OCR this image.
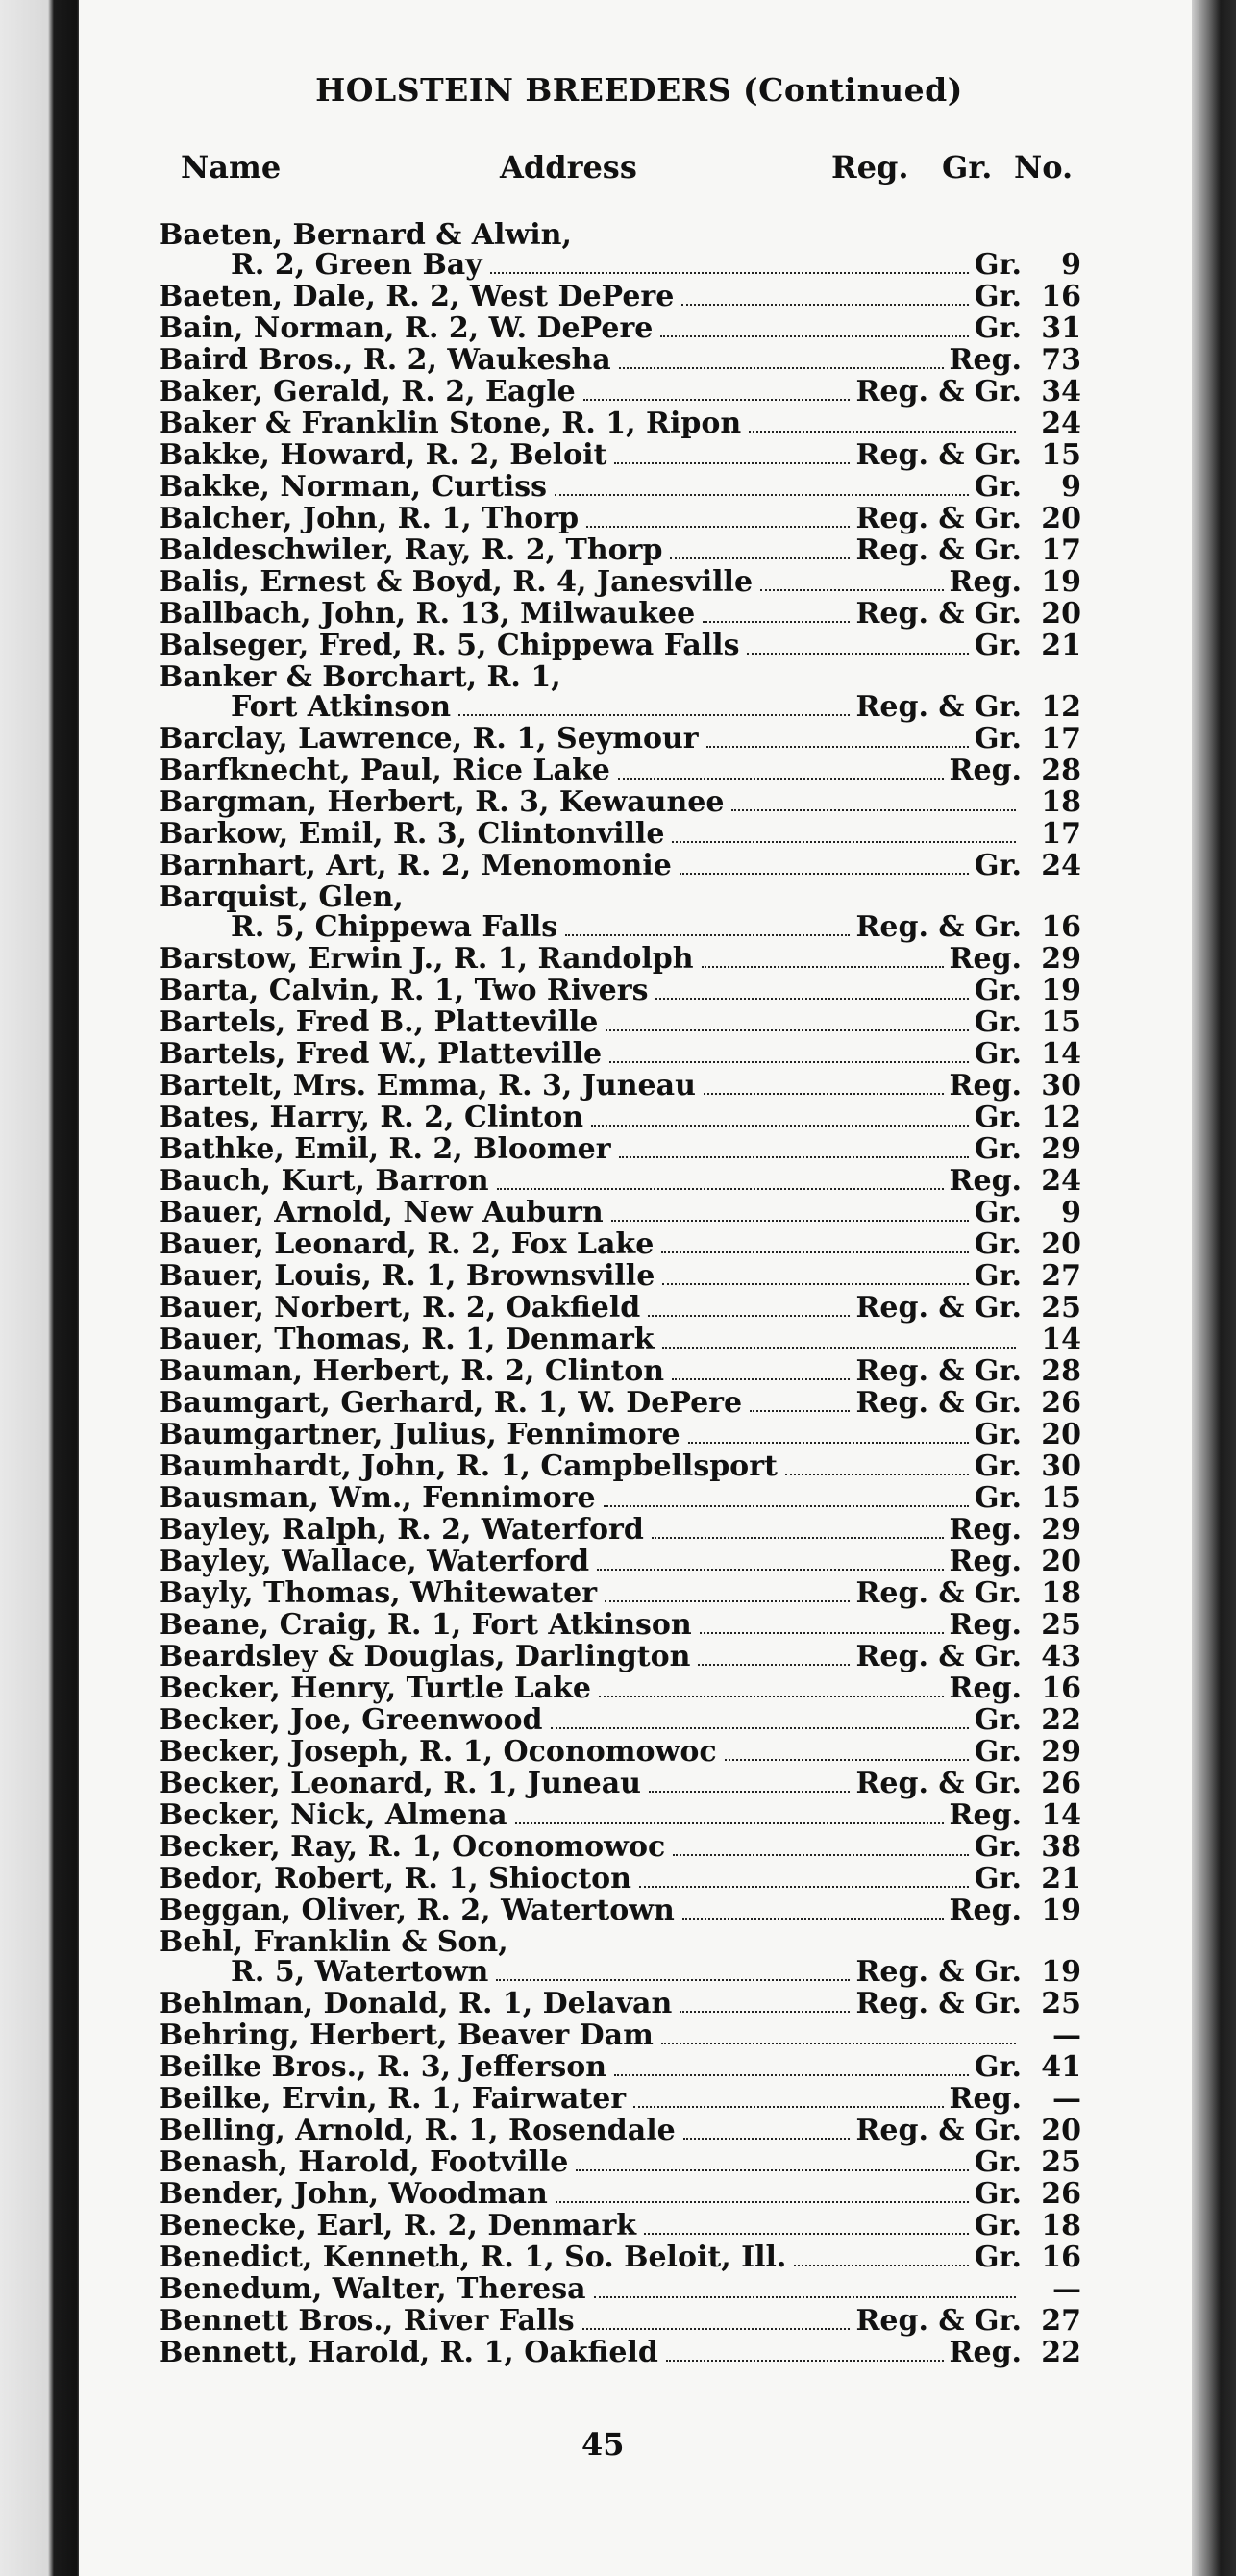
HOLSTEIN BREEDERS (Continued)
Name	Address	Reg. Gr. No.
Baeten, Bernard & Alwin,
R. 2, Green Bay	Gr.	9
Baeten, Dale, R. 2, West DePere	Gr. 16
Bain, Norman, R. 2, W. DePere	Gr. 31
Baird Bros., R. 2, Waukesha	Reg. 73
Baker, Gerald, R. 2, Eagle	Reg. & Gr. 34
Baker & Franklin Stone, R. 1, Ripon	24
Bakke, Howard, R. 2, Beloit	Reg. & Gr. 15
Bakke, Norman, Curtiss	Gr.	9
Balcher, John, R. 1, Thorp	Reg. & Gr. 20
Baldeschwiler, Ray, R. 2, Thorp	Reg. & Gr. 17
Balis, Ernest & Boyd, R. 4, Janesville	Reg. 19
Ballbach, John, R. 13, Milwaukee	Reg. & Gr. 20
Balseger, Fred, R. 5, Chippewa Falls	Gr. 21
Banker & Borchart, R. 1,
Fort Atkinson	Reg. & Gr. 12
Barclay, Lawrence, R. 1, Seymour	Gr. 17
Barfknecht, Paul, Rice Lake	Reg. 28
Bargman, Herbert, R. 3, Kewaunee	18
Barkow, Emil, R. 3, Clintonville	17
Barnhart, Art, R. 2, Menomonie	Gr. 24
Barquist, Glen,
R. 5, Chippewa Falls	Reg. & Gr. 16
Barstow, Erwin J., R. 1, Randolph	Reg. 29
Barta, Calvin, R. 1, Two Rivers	Gr. 19
Bartels, Fred B., Platteville	Gr. 15
Bartels, Fred W., Platteville	Gr. 14
Bartelt, Mrs. Emma, R. 3, Juneau	Reg. 30
Bates, Harry, R. 2, Clinton	Gr. 12
Bathke, Emil, R. 2, Bloomer	Gr. 29
Bauch, Kurt, Barron	Reg. 24
Bauer, Arnold, New Auburn	Gr.	9
Bauer, Leonard, R. 2, Fox Lake	Gr. 20
Bauer, Louis, R. 1, Brownsville	Gr. 27
Bauer, Norbert, R. 2, Oakfield	Reg. & Gr. 25
Bauer, Thomas, R. 1, Denmark	14
Bauman, Herbert, R. 2, Clinton	Reg. & Gr. 28
Baumgart, Gerhard, R. 1, W. DePere	Reg. & Gr. 26
Baumgartner, Julius, Fennimore	Gr. 20
Baumhardt, John, R. 1, Campbellsport	Gr. 30
Bausman, Wm., Fennimore	Gr. 15
Bayley, Ralph, R. 2, Waterford	Reg. 29
Bayley, Wallace, Waterford	Reg. 20
Bayly, Thomas, Whitewater	Reg. & Gr. 18
Beane, Craig, R. 1, Fort Atkinson	Reg. 25
Beardsley & Douglas, Darlington	Reg. & Gr. 43
Becker, Henry, Turtle Lake	Reg. 16
Becker, Joe, Greenwood	Gr. 22
Becker, Joseph, R. 1, Oconomowoc	Gr. 29
Becker, Leonard, R. 1, Juneau	Reg. & Gr. 26
Becker, Nick, Almena	Reg. 14
Becker, Ray, R. 1, Oconomowoc	Gr. 38
Bedor, Robert, R. 1, Shiocton	Gr. 21
Beggan, Oliver, R. 2, Watertown	Reg. 19
Behl, Franklin & Son,
R. 5, Watertown	Reg. & Gr. 19
Behlman, Donald, R. 1, Delavan	Reg. & Gr. 25
Behring, Herbert, Beaver Dam	—
Beilke Bros., R. 3, Jefferson	Gr. 41
Beilke, Ervin, R. 1, Fairwater	Reg.	—
Belling, Arnold, R. 1, Rosendale	Reg. & Gr. 20
Benash, Harold, Footville	Gr. 25
Bender, John, Woodman	Gr. 26
Benecke, Earl, R. 2, Denmark	Gr. 18
Benedict, Kenneth, R. 1, So. Beloit, Ill.	Gr. 16
Benedum, Walter, Theresa	—
Bennett Bros., River Falls	Reg. & Gr. 27
Bennett, Harold, R. 1, Oakfield	Reg. 22
45
